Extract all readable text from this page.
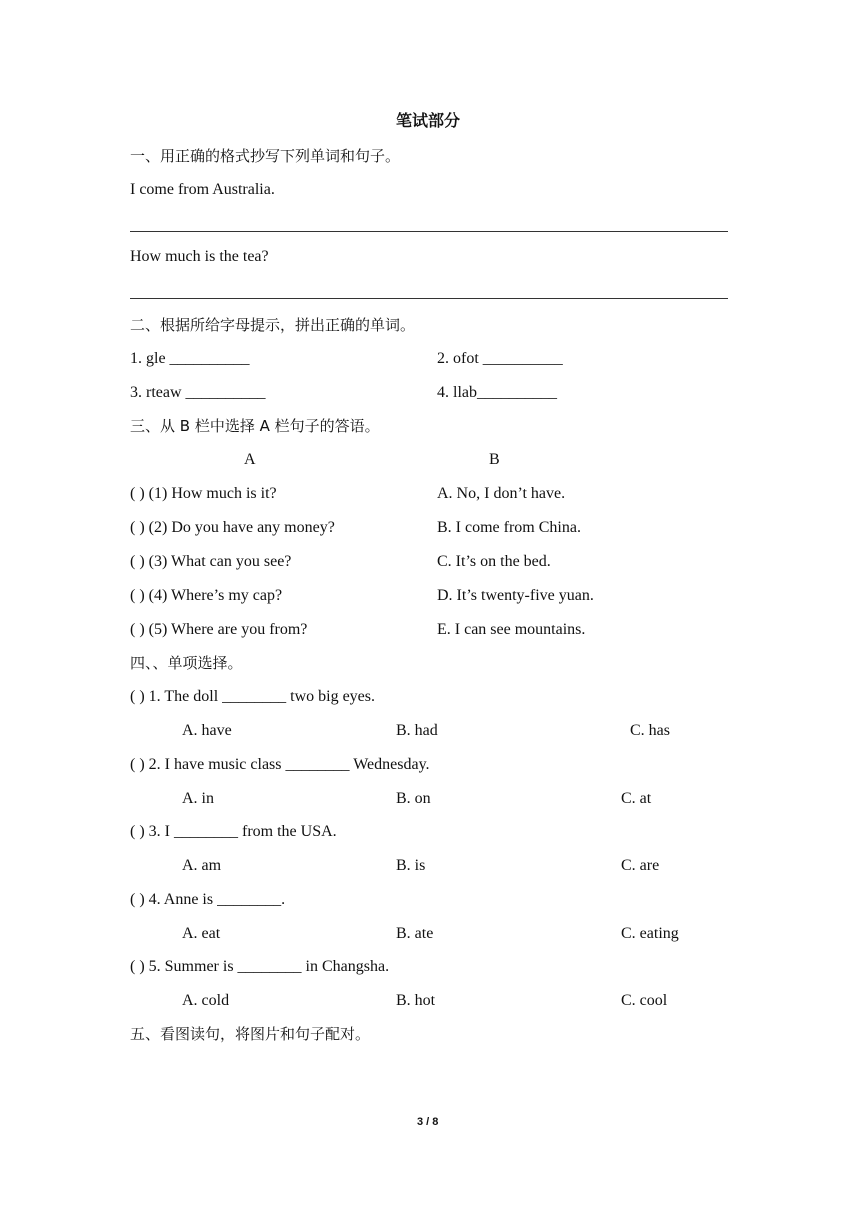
笔试部分
一、用正确的格式抄写下列单词和句子。
I come from Australia.
How much is the tea?
二、根据所给字母提示，拼出正确的单词。
1. gle __________	2. ofot __________
3. rteaw __________	4. llab__________
三、从 B 栏中选择 A 栏句子的答语。
A	B
( ) (1) How much is it?	A. No, I don’t have.
( ) (2) Do you have any money?	B. I come from China.
( ) (3) What can you see?	C. It’s on the bed.
( ) (4) Where’s my cap?	D. It’s twenty-five yuan.
( ) (5) Where are you from?	E. I can see mountains.
四、、单项选择。
( ) 1. The doll ________ two big eyes.
A. have	B. had	C. has
( ) 2. I have music class ________ Wednesday.
A. in	B. on	C. at
( ) 3. I ________ from the USA.
A. am	B. is	C. are
( ) 4. Anne is ________.
A. eat	B. ate	C. eating
( ) 5. Summer is ________ in Changsha.
A. cold	B. hot	C. cool
五、看图读句，将图片和句子配对。
3 / 8
